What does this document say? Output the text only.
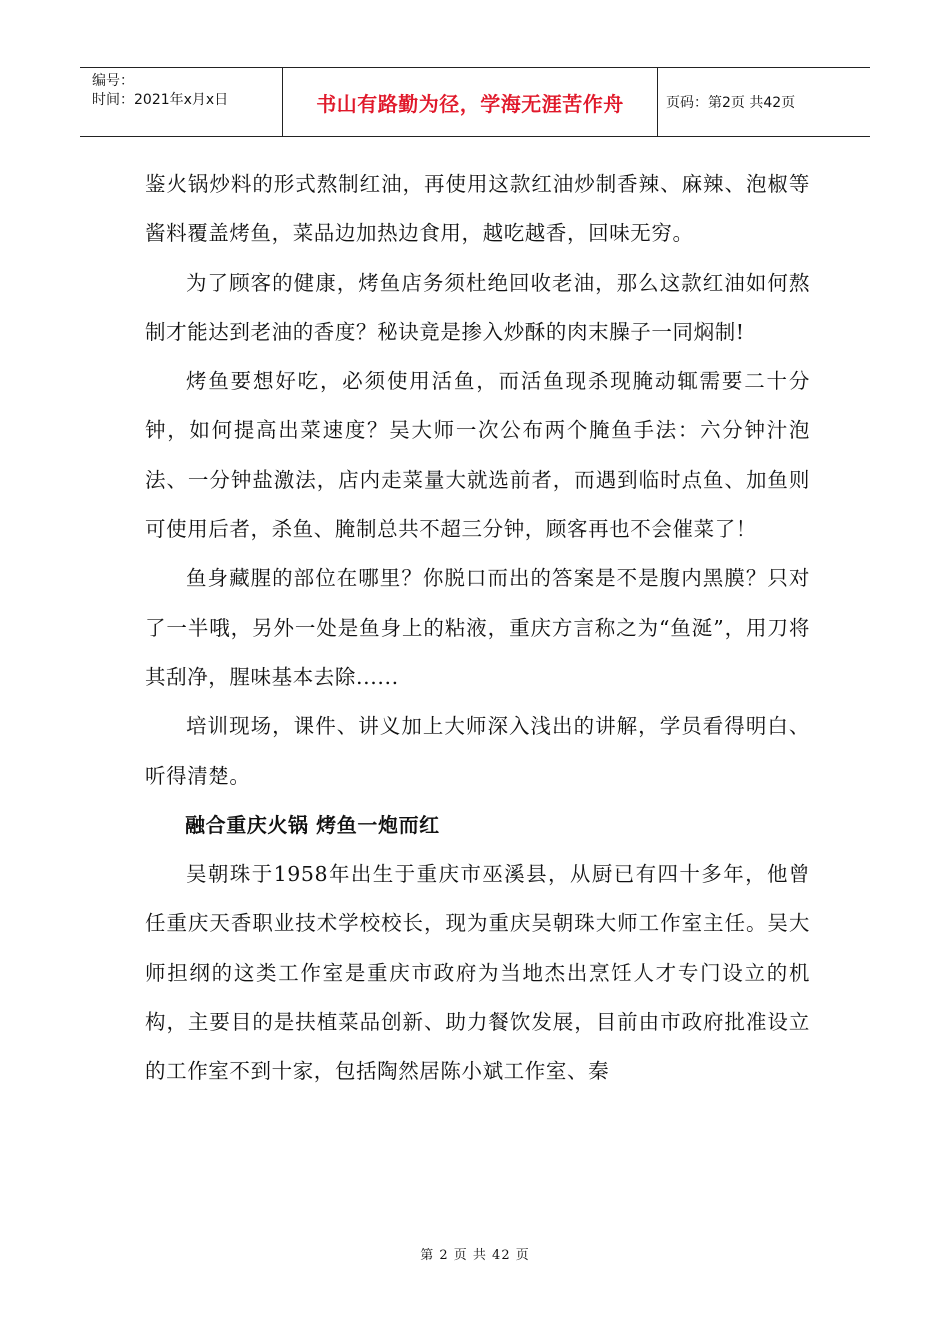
编号：
时间：2021年x月x日	书山有路勤为径，学海无涯苦作舟	页码：第2页 共42页

鉴火锅炒料的形式熬制红油，再使用这款红油炒制香辣、麻辣、泡椒等酱料覆盖烤鱼，菜品边加热边食用，越吃越香，回味无穷。

为了顾客的健康，烤鱼店务须杜绝回收老油，那么这款红油如何熬制才能达到老油的香度？秘诀竟是掺入炒酥的肉末臊子一同焖制!

烤鱼要想好吃，必须使用活鱼，而活鱼现杀现腌动辄需要二十分钟，如何提高出菜速度？吴大师一次公布两个腌鱼手法：六分钟汁泡法、一分钟盐激法，店内走菜量大就选前者，而遇到临时点鱼、加鱼则可使用后者，杀鱼、腌制总共不超三分钟，顾客再也不会催菜了！

鱼身藏腥的部位在哪里？你脱口而出的答案是不是腹内黑膜？只对了一半哦，另外一处是鱼身上的粘液，重庆方言称之为“鱼涎”，用刀将其刮净，腥味基本去除......

培训现场，课件、讲义加上大师深入浅出的讲解，学员看得明白、听得清楚。

融合重庆火锅 烤鱼一炮而红

吴朝珠于1958年出生于重庆市巫溪县，从厨已有四十多年，他曾任重庆天香职业技术学校校长，现为重庆吴朝珠大师工作室主任。吴大师担纲的这类工作室是重庆市政府为当地杰出烹饪人才专门设立的机构，主要目的是扶植菜品创新、助力餐饮发展，目前由市政府批准设立的工作室不到十家，包括陶然居陈小斌工作室、秦

第 2 页 共 42 页
